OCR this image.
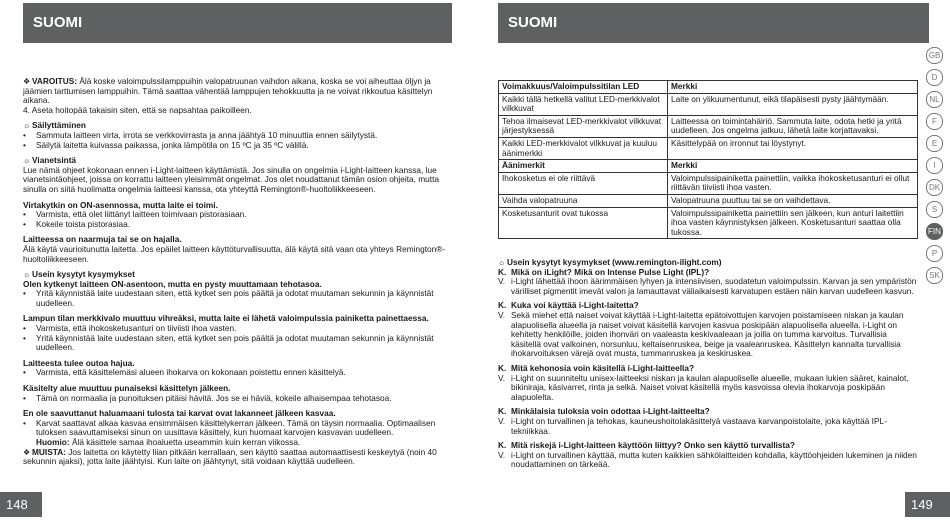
SUOMI

❖ VAROITUS: Älä koske valoimpulssilamppuihin valopatruunan vaihdon aikana, koska se voi aiheuttaa öljyn ja jäämien tarttumisen lamppuihin. Tämä saattaa vähentää lamppujen tehokkuutta ja ne voivat rikkoutua käsittelyn aikana.

4. Aseta hoitopää takaisin siten, että se napsahtaa paikoilleen.

☼ Säilyttäminen

• Sammuta laitteen virta, irrota se verkkovirrasta ja anna jäähtyä 10 minuuttia ennen säilytystä.

• Säilytä laitetta kuivassa paikassa, jonka lämpötila on 15 ºC ja 35 ºC välillä.

☼ Vianetsintä

Lue nämä ohjeet kokonaan ennen i-Light-laitteen käyttämistä. Jos sinulla on ongelmia i-Light-laitteen kanssa, lue vianetsintäohjeet, joissa on korrattu laitteen yleisimmät ongelmat. Jos olet noudattanut tämän osion ohjeita, mutta sinulla on siitä huolimatta ongelmia laitteesi kanssa, ota yhteyttä Remington®-huoltoliikkeeseen.

Virtakytkin on ON-asennossa, mutta laite ei toimi.

• Varmista, että olet liittänyt laitteen toimivaan pistorasiaan.

• Kokeile toista pistorasiaa.

Laitteessa on naarmuja tai se on hajalla.

Älä käytä vaurioitunutta laitetta. Jos epäilet laitteen käyttöturvallisuutta, älä käytä sitä vaan ota yhteys Remington®-huoltoliikkeeseen.

☼ Usein kysytyt kysymykset

Olen kytkenyt laitteen ON-asentoon, mutta en pysty muuttamaan tehotasoa.

• Yritä käynnistää laite uudestaan siten, että kytket sen pois päältä ja odotat muutaman sekunnin ja käynnistät uudelleen.

Lampun tilan merkkivalo muuttuu vihreäksi, mutta laite ei lähetä valoimpulssia painiketta painettaessa.

• Varmista, että ihokosketusanturi on tiiviisti ihoa vasten.

• Yritä käynnistää laite uudestaan siten, että kytket sen pois päältä ja odotat muutaman sekunnin ja käynnistät uudelleen.

Laitteesta tulee outoa hajua.

• Varmista, että käsittelemäsi alueen ihokarva on kokonaan poistettu ennen käsittelyä.

Käsitelty alue muuttuu punaiseksi käsittelyn jälkeen.

• Tämä on normaalia ja punoituksen pitäisi hävitä. Jos se ei häviä, kokeile alhaisempaa tehotasoa.

En ole saavuttanut haluamaani tulosta tai karvat ovat lakanneet jälkeen kasvaa.

• Karvat saattavat alkaa kasvaa ensimmäisen käsittelykerran jälkeen. Tämä on täysin normaalia. Optimaalisen tuloksen saavuttamiseksi sinun on uusittava käsittely, kun huomaat karvojen kasvavan uudelleen.

Huomio: Älä käsittele samaa ihoaluetta useammin kuin kerran viikossa.

❖ MUISTA: Jos laitetta on käytetty liian pitkään kerrallaan, sen käyttö saattaa automaattisesti keskeytyä (noin 40 sekunnin ajaksi), jotta laite jäähtyisi. Kun laite on jäähtynyt, sitä voidaan käyttää uudelleen.

148
SUOMI
Voimakkuus/Valoimpulssitilan LED	Merkki
Kaikki tällä hetkellä valitut LED-merkkivalot vilkkuvat	Laite on ylikuumentunut, eikä tilapäisesti pysty jäähtymään.
Tehoa ilmaisevat LED-merkkivalot vilkkuvat järjestyksessä	Laitteessa on toimintahäiriö. Sammuta laite, odota hetki ja yritä uudelleen. Jos ongelma jatkuu, lähetä laite korjattavaksi.
Kaikki LED-merkkivalot vilkkuvat ja kuuluu äänimerkki	Käsittelypää on irronnut tai löystynyt.
Äänimerkit	Merkki
Ihokosketus ei ole riittävä	Valoimpulssipainiketta painettiin, vaikka ihokosketusanturi ei ollut riittävän tiiviisti ihoa vasten.
Vaihda valopatruuna	Valopatruuna puuttuu tai se on vaihdettava.
Kosketusanturit ovat tukossa	Valoimpulssipainiketta painettiin sen jälkeen, kun anturi laitettiin ihoa vasten käynnistyksen jälkeen. Kosketusanturi saattaa olla tukossa.

☼ Usein kysytyt kysymykset (www.remington-ilight.com)

K. Mikä on iLight? Mikä on Intense Pulse Light (IPL)?

V. i-Light lähettää ihoon äärimmäisen lyhyen ja intensiivisen, suodatetun valoimpulssin. Karvan ja sen ympäristön värilliset pigmentit imevät valon ja lamauttavat väliaikaisesti karvatupen estäen näin karvan uudelleen kasvun.

K. Kuka voi käyttää i-Light-laitetta?

V. Sekä miehet että naiset voivat käyttää i-Light-laitetta epätoivottujen karvojen poistamiseen niskan ja kaulan alapuolisella alueella ja naiset voivat käsitellä karvojen kasvua poskipään alapuolisella alueella. i-Light on kehitetty henkilöille, joiden ihonväri on vaaleasta keskivaaleaan ja joilla on tumma karvoitus. Turvallisia käsitellä ovat valkoinen, norsunluu, keltaisenruskea, beige ja vaaleanruskea. Käsittelyn kannalta turvallisia ihokarvoituksen värejä ovat musta, tummanruskea ja keskiruskea.

K. Mitä kehonosia voin käsitellä i-Light-laitteella?

V. i-Light on suunniteltu unisex-laitteeksi niskan ja kaulan alapuoliselle alueelle, mukaan lukien sääret, kainalot, bikiniraja, käsivarret, rinta ja selkä. Naiset voivat käsitellä myös kasvoissa olevia ihokarvoja poskipään alapuolelta.

K. Minkälaisia tuloksia voin odottaa i-Light-laitteelta?

V. i-Light on turvallinen ja tehokas, kauneushoitolakäsittelyä vastaava karvanpoistolaite, joka käyttää IPL-tekniikkaa.

K. Mitä riskejä i-Light-laitteen käyttöön liittyy? Onko sen käyttö turvallista?

V. i-Light on turvallinen käyttää, mutta kuten kaikkien sähkölaitteiden kohdalla, käyttöohjeiden lukeminen ja niiden noudattaminen on tärkeää.

GB
D
NL
F
E
I
DK
S
FIN
P
SK
149
